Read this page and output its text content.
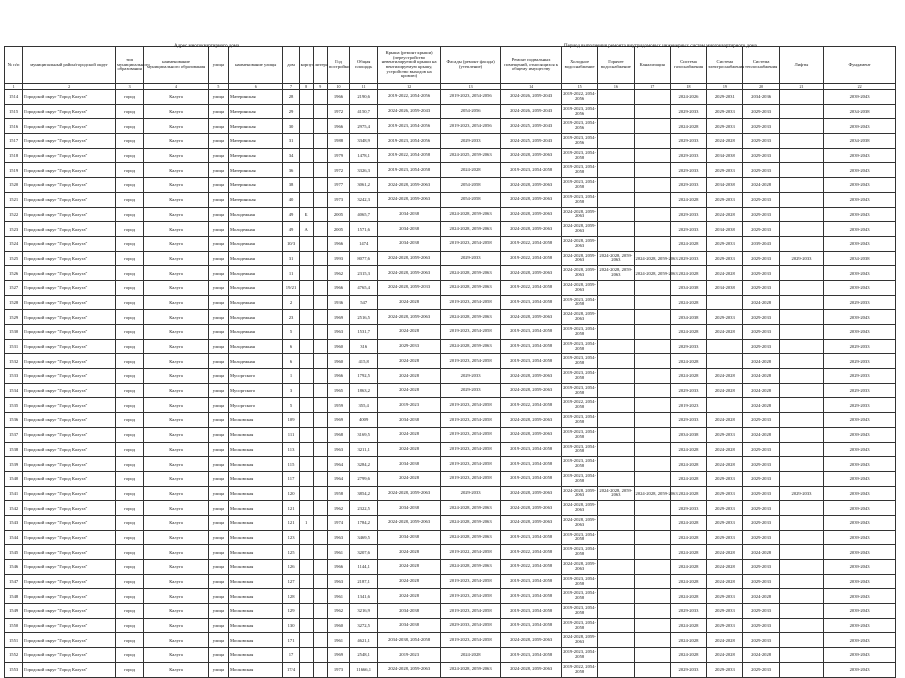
Адрес многоквартирного дома	Период выполнения ремонта внутридомовых инженерных систем многоквартирного дома
№ п/п	муниципальный район/городской округ	тип муниципального образования	наименование муниципального образования	улица	наименование улицы	дом	корпус	литера	Год постройки	Общая площадь	Крыша (ремонт крыши) (переустройство невентилируемой крыши на вентилируемую крышу, устройство выходов на кровлю)	Фасады (ремонт фасада) (утепление)	Ремонт подвальных помещений, относящихся к общему имуществу	Холодное водоснабжение	Горячее водоснабжение	Канализация	Система газоснабжения	Система электроснабжения	Система теплоснабжения	Лифты	Фундамент
1	2	3	4	5	6	7	8	9	10	11	12	13	14	15	16	17	18	19	20	21	22
1514	Городской округ "Город Калуга"	город	Калуга	улица	Материнская	28			1966	2190,6	2019-2022, 2054-2056	2019-2023, 2054-2056	2024-2026, 2059-2043	2019-2022, 2054-2056			2024-2026	2029-2031	2034-2036		2039-2043
1515	Городской округ "Город Калуга"	город	Калуга	улица	Материнская	29			1972	4150,7	2024-2026, 2059-2043	2054-2056	2024-2026, 2059-2043	2019-2023, 2054-2056			2029-2033	2029-2033	2029-2033		2034-2038
1516	Городской округ "Город Калуга"	город	Калуга	улица	Материнская	30			1966	2975,4	2019-2023, 2054-2056	2019-2023, 2054-2056	2024-2025, 2059-2043	2019-2023, 2054-2056			2024-2028	2029-2033	2029-2033		2039-2043
1517	Городской округ "Город Калуга"	город	Калуга	улица	Материнская	31			1988	3348,9	2019-2023, 2054-2056	2029-2033	2024-2025, 2059-2043	2019-2023, 2054-2056			2029-2033	2024-2028	2029-2033		2034-2038
1518	Городской округ "Город Калуга"	город	Калуга	улица	Материнская	34			1979	1478,1	2019-2022, 2054-2058	2024-2025, 2059-2063	2024-2028, 2059-2063	2019-2023, 2054-2058			2029-2033	2034-2038	2029-2033		2039-2043
1519	Городской округ "Город Калуга"	город	Калуга	улица	Материнская	36			1972	3326,3	2019-2023, 2054-2058	2024-2028	2019-2023, 2054-2058	2019-2023, 2054-2058			2029-2033	2029-2033	2029-2033		2039-2043
1520	Городской округ "Город Калуга"	город	Калуга	улица	Материнская	38			1977	3061,2	2024-2028, 2059-2063	2054-2058	2024-2028, 2059-2063	2019-2023, 2054-2058			2029-2033	2034-2038	2024-2028		2039-2043
1521	Городской округ "Город Калуга"	город	Калуга	улица	Материнская	40			1973	3242,3	2024-2028, 2059-2063	2054-2058	2024-2028, 2059-2063	2019-2023, 2054-2058			2024-2028	2029-2033	2029-2033		2039-2043
1522	Городской округ "Город Калуга"	город	Калуга	улица	Молодежная	49	Б		2005	4065,7	2034-2038	2024-2028, 2059-2063	2024-2028, 2059-2063	2024-2028, 2059-2063			2029-2033	2024-2028	2029-2033		2039-2043
1523	Городской округ "Город Калуга"	город	Калуга	улица	Молодежная	49	А		2005	1571,6	2034-2038	2024-2028, 2059-2063	2024-2028, 2059-2063	2024-2028, 2059-2063			2029-2033	2034-2038	2029-2033		2039-2043
1524	Городской округ "Город Калуга"	город	Калуга	улица	Молодежная	10/3			1966	1474	2034-2038	2019-2023, 2054-2058	2019-2022, 2054-2058	2024-2028, 2059-2063			2024-2028	2029-2033	2039-2043		2039-2043
1525	Городской округ "Город Калуга"	город	Калуга	улица	Молодежная	31			1993	8077,6	2024-2028, 2059-2063	2029-2033	2019-2022, 2054-2058	2024-2028, 2059-2063	2024-2028, 2059-2063	2024-2028, 2059-2063	2029-2033	2029-2033	2029-2033	2029-2033	2034-2038
1526	Городской округ "Город Калуга"	город	Калуга	улица	Молодежная	11			1962	2315,3	2024-2028, 2059-2063	2024-2028, 2059-2063	2024-2028, 2059-2063	2024-2028, 2059-2063	2024-2028, 2059-2063	2024-2028, 2059-2063	2024-2028	2024-2028	2029-2033		2039-2043
1527	Городской округ "Город Калуга"	город	Калуга	улица	Молодежная	19/21			1966	4765,4	2024-2028, 2059-2033	2024-2028, 2059-2063	2019-2022, 2054-2058	2024-2028, 2059-2063			2034-2038	2034-2038	2029-2033		2039-2043
1528	Городской округ "Город Калуга"	город	Калуга	улица	Молодежная	2			1936	547	2024-2028	2019-2023, 2054-2058	2019-2023, 2054-2058	2019-2023, 2054-2058			2024-2028		2024-2028		2029-2033
1529	Городской округ "Город Калуга"	город	Калуга	улица	Молодежная	23			1969	2516,5	2024-2028, 2059-2063	2024-2028, 2059-2063	2024-2028, 2059-2063	2024-2028, 2059-2063			2034-2038	2029-2033	2029-2033		2039-2043
1530	Городской округ "Город Калуга"	город	Калуга	улица	Молодежная	5			1963	1531,7	2024-2028	2019-2023, 2054-2058	2019-2023, 2054-2058	2019-2023, 2054-2058			2024-2028	2024-2028	2029-2033		2039-2043
1531	Городской округ "Город Калуга"	город	Калуга	улица	Молодежная	6			1960	316	2029-2033	2024-2028, 2059-2063	2019-2023, 2054-2058	2019-2023, 2054-2058			2029-2033		2029-2033		2029-2033
1532	Городской округ "Город Калуга"	город	Калуга	улица	Молодежная	6			1960	415,8	2024-2028	2019-2023, 2054-2058	2019-2023, 2054-2058	2019-2023, 2054-2058			2024-2028		2024-2028		2029-2033
1533	Городской округ "Город Калуга"	город	Калуга	улица	Мусоргского	1			1966	1792,5	2024-2028	2029-2033	2024-2028, 2059-2063	2019-2023, 2054-2058			2024-2028	2024-2028	2024-2028		2029-2033
1534	Городской округ "Город Калуга"	город	Калуга	улица	Мусоргского	3			1965	1863,2	2024-2028	2029-2033	2024-2028, 2059-2063	2019-2023, 2054-2058			2029-2033	2024-2028	2024-2028		2029-2033
1535	Городской округ "Город Калуга"	город	Калуга	улица	Мусоргского	5			1959	355,4	2019-2023	2019-2023, 2054-2058	2019-2022, 2054-2058	2019-2022, 2054-2058			2019-2023		2024-2028		2029-2033
1536	Городской округ "Город Калуга"	город	Калуга	улица	Московская	109			1969	4009	2034-2038	2019-2023, 2054-2058	2024-2028, 2059-2063	2019-2023, 2054-2058			2029-2033	2024-2028	2029-2033		2039-2043
1537	Городской округ "Город Калуга"	город	Калуга	улица	Московская	111			1968	3169,5	2024-2028	2019-2023, 2054-2058	2024-2028, 2059-2063	2019-2023, 2054-2058			2034-2038	2029-2033	2024-2028		2039-2043
1538	Городской округ "Город Калуга"	город	Калуга	улица	Московская	113			1963	3211,1	2024-2028	2019-2023, 2054-2058	2019-2023, 2054-2058	2019-2023, 2054-2058			2024-2028	2024-2028	2029-2033		2039-2043
1539	Городской округ "Город Калуга"	город	Калуга	улица	Московская	115			1964	3284,2	2034-2038	2019-2023, 2054-2058	2019-2023, 2054-2058	2019-2023, 2054-2058			2024-2028	2024-2028	2029-2033		2039-2043
1540	Городской округ "Город Калуга"	город	Калуга	улица	Московская	117			1964	2799,6	2024-2028	2019-2023, 2054-2058	2019-2023, 2054-2058	2019-2023, 2054-2058			2024-2028	2029-2033	2029-2033		2039-2043
1541	Городской округ "Город Калуга"	город	Калуга	улица	Московская	120			1958	3854,2	2024-2028, 2059-2063	2029-2033	2024-2028, 2059-2063	2024-2028, 2059-2063	2024-2028, 2059-2063	2024-2028, 2059-2063	2024-2028	2029-2033	2029-2033	2029-2033	2039-2043
1542	Городской округ "Город Калуга"	город	Калуга	улица	Московская	121			1962	2322,5	2034-2038	2024-2028, 2059-2063	2024-2028, 2059-2063	2024-2028, 2059-2063			2029-2033	2029-2033	2029-2033		2039-2043
1543	Городской округ "Город Калуга"	город	Калуга	улица	Московская	121	1		1974	1784,2	2024-2028, 2059-2063	2024-2028, 2059-2063	2024-2028, 2059-2063	2024-2028, 2059-2063			2024-2028	2029-2033	2029-2033		2039-2043
1544	Городской округ "Город Калуга"	город	Калуга	улица	Московская	123			1963	3469,5	2034-2038	2024-2028, 2059-2063	2019-2023, 2054-2058	2019-2023, 2054-2058			2024-2028	2029-2033	2029-2033		2039-2043
1545	Городской округ "Город Калуга"	город	Калуга	улица	Московская	125			1961	3207,6	2024-2028	2019-2022, 2054-2058	2019-2022, 2054-2058	2019-2023, 2054-2058			2024-2028	2024-2028	2024-2028		2039-2043
1546	Городской округ "Город Калуга"	город	Калуга	улица	Московская	126			1966	1144,1	2024-2028	2024-2028, 2059-2063	2019-2022, 2054-2058	2024-2028, 2059-2063			2024-2028	2024-2028	2029-2033		2039-2043
1547	Городской округ "Город Калуга"	город	Калуга	улица	Московская	127			1963	2187,1	2024-2028	2019-2023, 2054-2058	2019-2023, 2054-2058	2019-2023, 2054-2058			2024-2028	2024-2028	2029-2033		2039-2043
1548	Городской округ "Город Калуга"	город	Калуга	улица	Московская	128			1961	1341,6	2024-2028	2019-2023, 2054-2058	2019-2023, 2054-2058	2019-2023, 2054-2058			2024-2028	2029-2033	2024-2028		2039-2043
1549	Городской округ "Город Калуга"	город	Калуга	улица	Московская	129			1962	3216,9	2034-2038	2019-2023, 2054-2058	2019-2023, 2054-2058	2019-2023, 2054-2058			2029-2033	2029-2033	2029-2033		2039-2043
1550	Городской округ "Город Калуга"	город	Калуга	улица	Московская	130			1960	3272,5	2034-2038	2029-2033, 2054-2058	2019-2023, 2054-2058	2019-2023, 2054-2058			2024-2028	2029-2033	2029-2033		2039-2043
1551	Городской округ "Город Калуга"	город	Калуга	улица	Московская	171			1961	4621,1	2034-2038, 2054-2058	2019-2023, 2054-2058	2024-2028, 2059-2063	2024-2028, 2059-2063			2024-2028	2024-2028	2029-2033		2039-2043
1552	Городской округ "Город Калуга"	город	Калуга	улица	Московская	17			1969	2548,1	2019-2023	2024-2028	2019-2023, 2054-2058	2019-2023, 2054-2058			2024-2028	2024-2028	2024-2028		2039-2043
1553	Городской округ "Город Калуга"	город	Калуга	улица	Московская	17/4			1973	11666,1	2024-2028, 2059-2063	2024-2028, 2059-2063	2024-2028, 2059-2063	2019-2022, 2054-2058			2029-2033	2029-2033	2029-2033		2039-2043
